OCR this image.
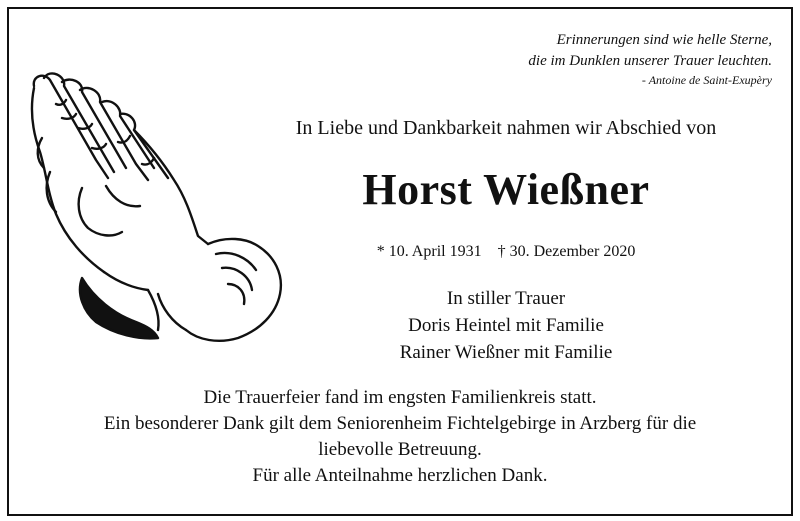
Erinnerungen sind wie helle Sterne,
die im Dunklen unserer Trauer leuchten.
- Antoine de Saint-Exupèry
In Liebe und Dankbarkeit nahmen wir Abschied von
Horst Wießner
* 10. April 1931 † 30. Dezember 2020
In stiller Trauer
Doris Heintel mit Familie
Rainer Wießner mit Familie
Die Trauerfeier fand im engsten Familienkreis statt.
Ein besonderer Dank gilt dem Seniorenheim Fichtelgebirge in Arzberg für die
liebevolle Betreuung.
Für alle Anteilnahme herzlichen Dank.
